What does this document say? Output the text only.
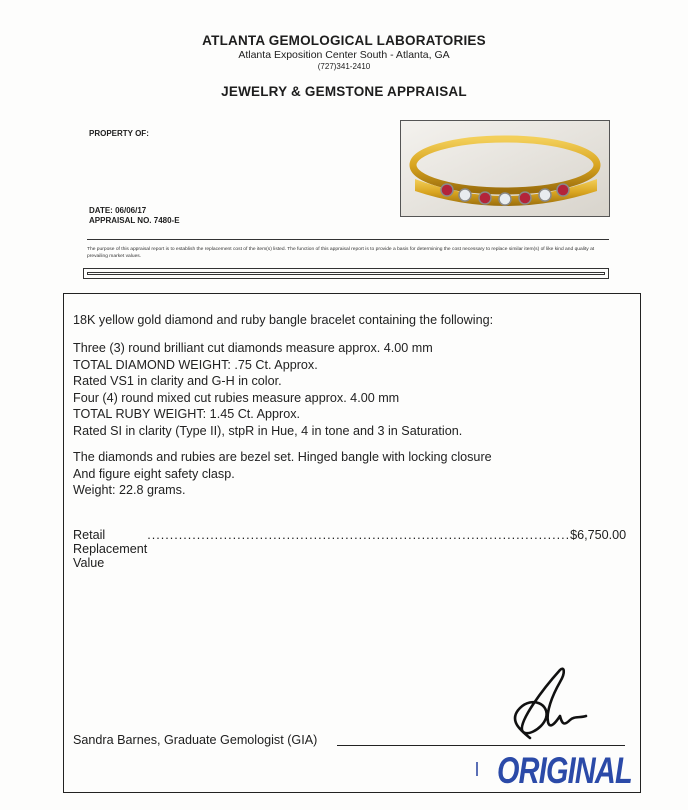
ATLANTA GEMOLOGICAL LABORATORIES
Atlanta Exposition Center South - Atlanta, GA
(727)341-2410
JEWELRY & GEMSTONE APPRAISAL
PROPERTY OF:
DATE: 06/06/17
APPRAISAL NO. 7480-E
The purpose of this appraisal report is to establish the replacement cost of the item(s) listed. The function of this appraisal report is to provide a basis for determining the cost necessary to replace similar item(s) of like kind and quality at prevailing market values.
18K yellow gold diamond and ruby bangle bracelet containing the following:
Three (3) round brilliant cut diamonds measure approx. 4.00 mm
TOTAL DIAMOND WEIGHT: .75 Ct. Approx.
Rated VS1 in clarity and G-H in color.
Four (4) round mixed cut rubies measure approx. 4.00 mm
TOTAL RUBY WEIGHT: 1.45 Ct. Approx.
Rated SI in clarity (Type II), stpR in Hue, 4 in tone and 3 in Saturation.
The diamonds and rubies are bezel set. Hinged bangle with locking closure
And figure eight safety clasp.
Weight: 22.8 grams.
Retail Replacement Value
.............................................................................................. $6,750.00
Sandra Barnes, Graduate Gemologist (GIA)
ORIGINAL
